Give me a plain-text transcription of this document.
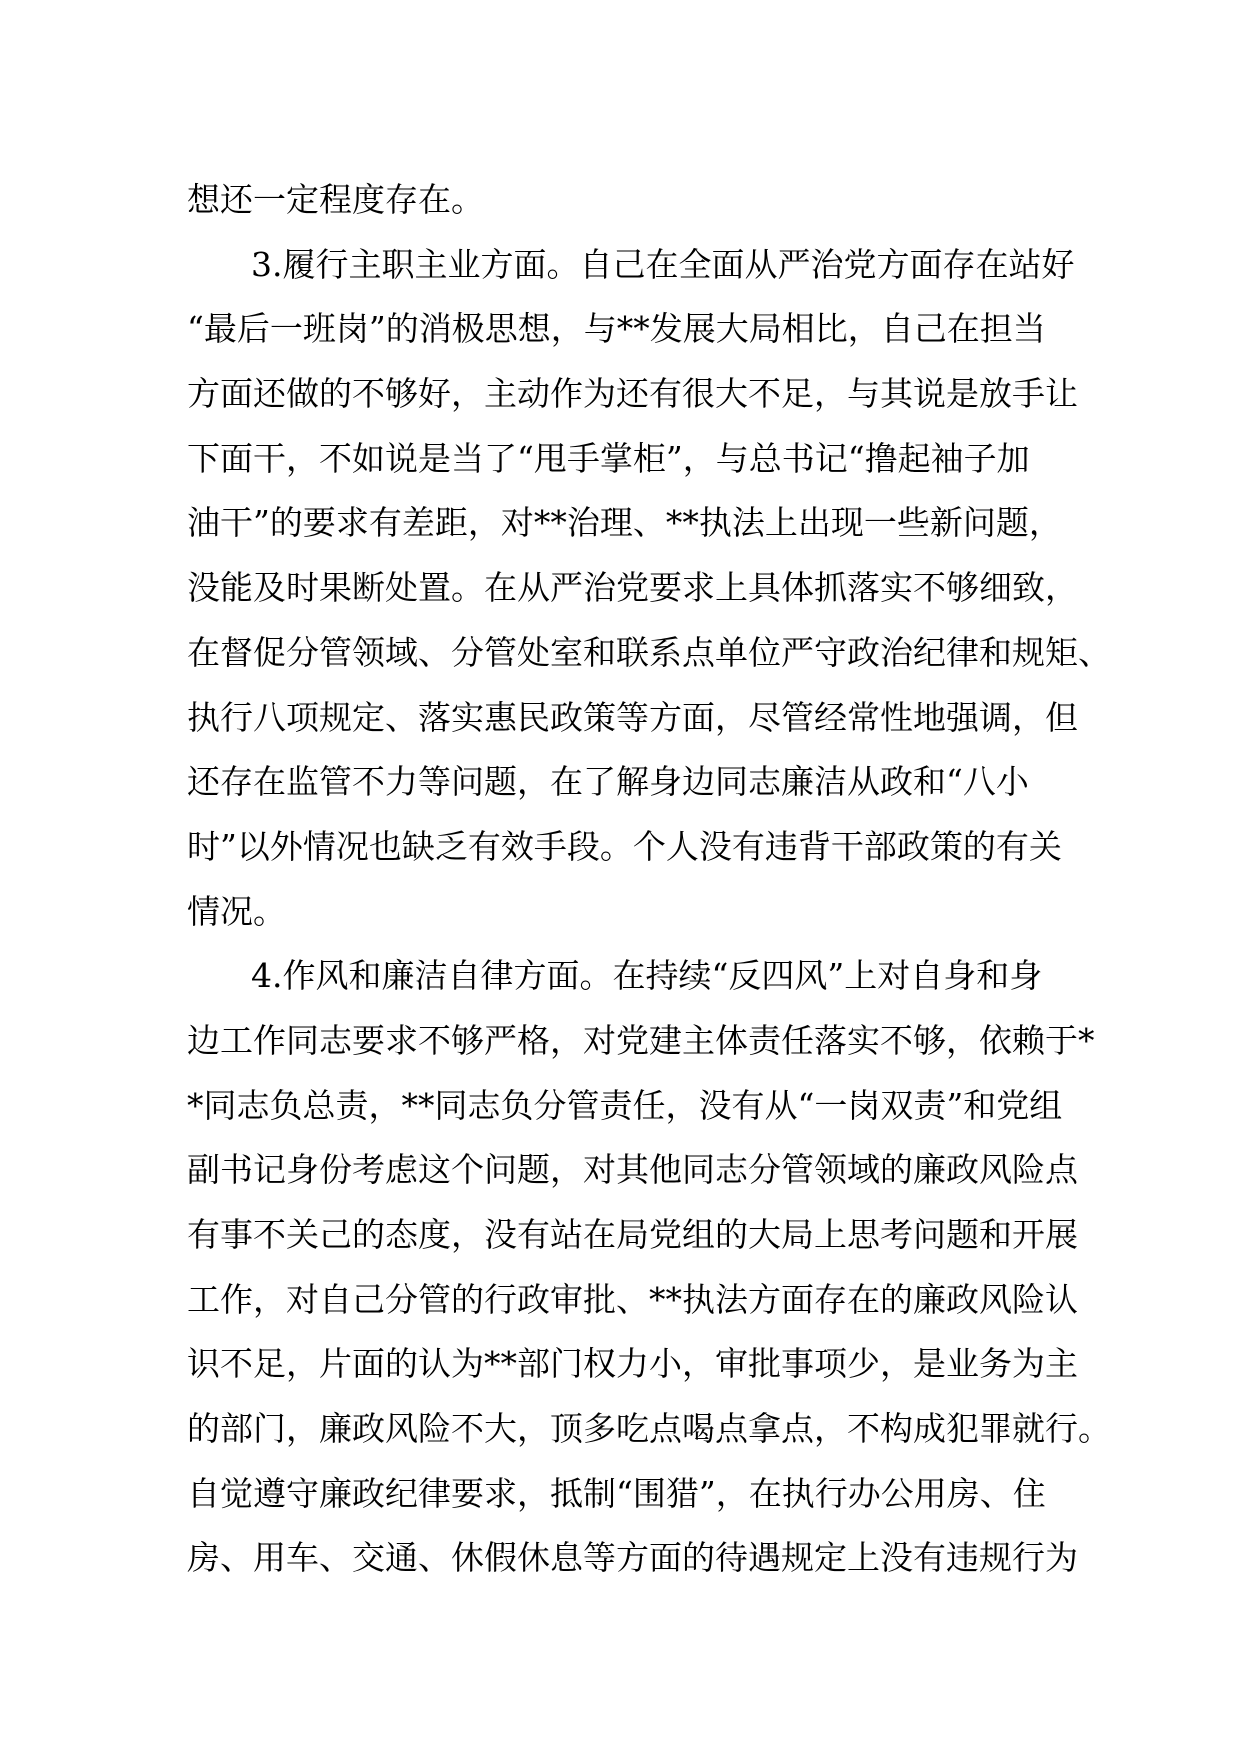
想还一定程度存在。
3.履行主职主业方面。自己在全面从严治党方面存在站好
“最后一班岗”的消极思想，与**发展大局相比，自己在担当
方面还做的不够好，主动作为还有很大不足，与其说是放手让
下面干，不如说是当了“甩手掌柜”，与总书记“撸起袖子加
油干”的要求有差距，对**治理、**执法上出现一些新问题，
没能及时果断处置。在从严治党要求上具体抓落实不够细致，
在督促分管领域、分管处室和联系点单位严守政治纪律和规矩、
执行八项规定、落实惠民政策等方面，尽管经常性地强调，但
还存在监管不力等问题，在了解身边同志廉洁从政和“八小
时”以外情况也缺乏有效手段。个人没有违背干部政策的有关
情况。
4.作风和廉洁自律方面。在持续“反四风”上对自身和身
边工作同志要求不够严格，对党建主体责任落实不够，依赖于*
*同志负总责，**同志负分管责任，没有从“一岗双责”和党组
副书记身份考虑这个问题，对其他同志分管领域的廉政风险点
有事不关己的态度，没有站在局党组的大局上思考问题和开展
工作，对自己分管的行政审批、**执法方面存在的廉政风险认
识不足，片面的认为**部门权力小，审批事项少，是业务为主
的部门，廉政风险不大，顶多吃点喝点拿点，不构成犯罪就行。
自觉遵守廉政纪律要求，抵制“围猎”，在执行办公用房、住
房、用车、交通、休假休息等方面的待遇规定上没有违规行为
